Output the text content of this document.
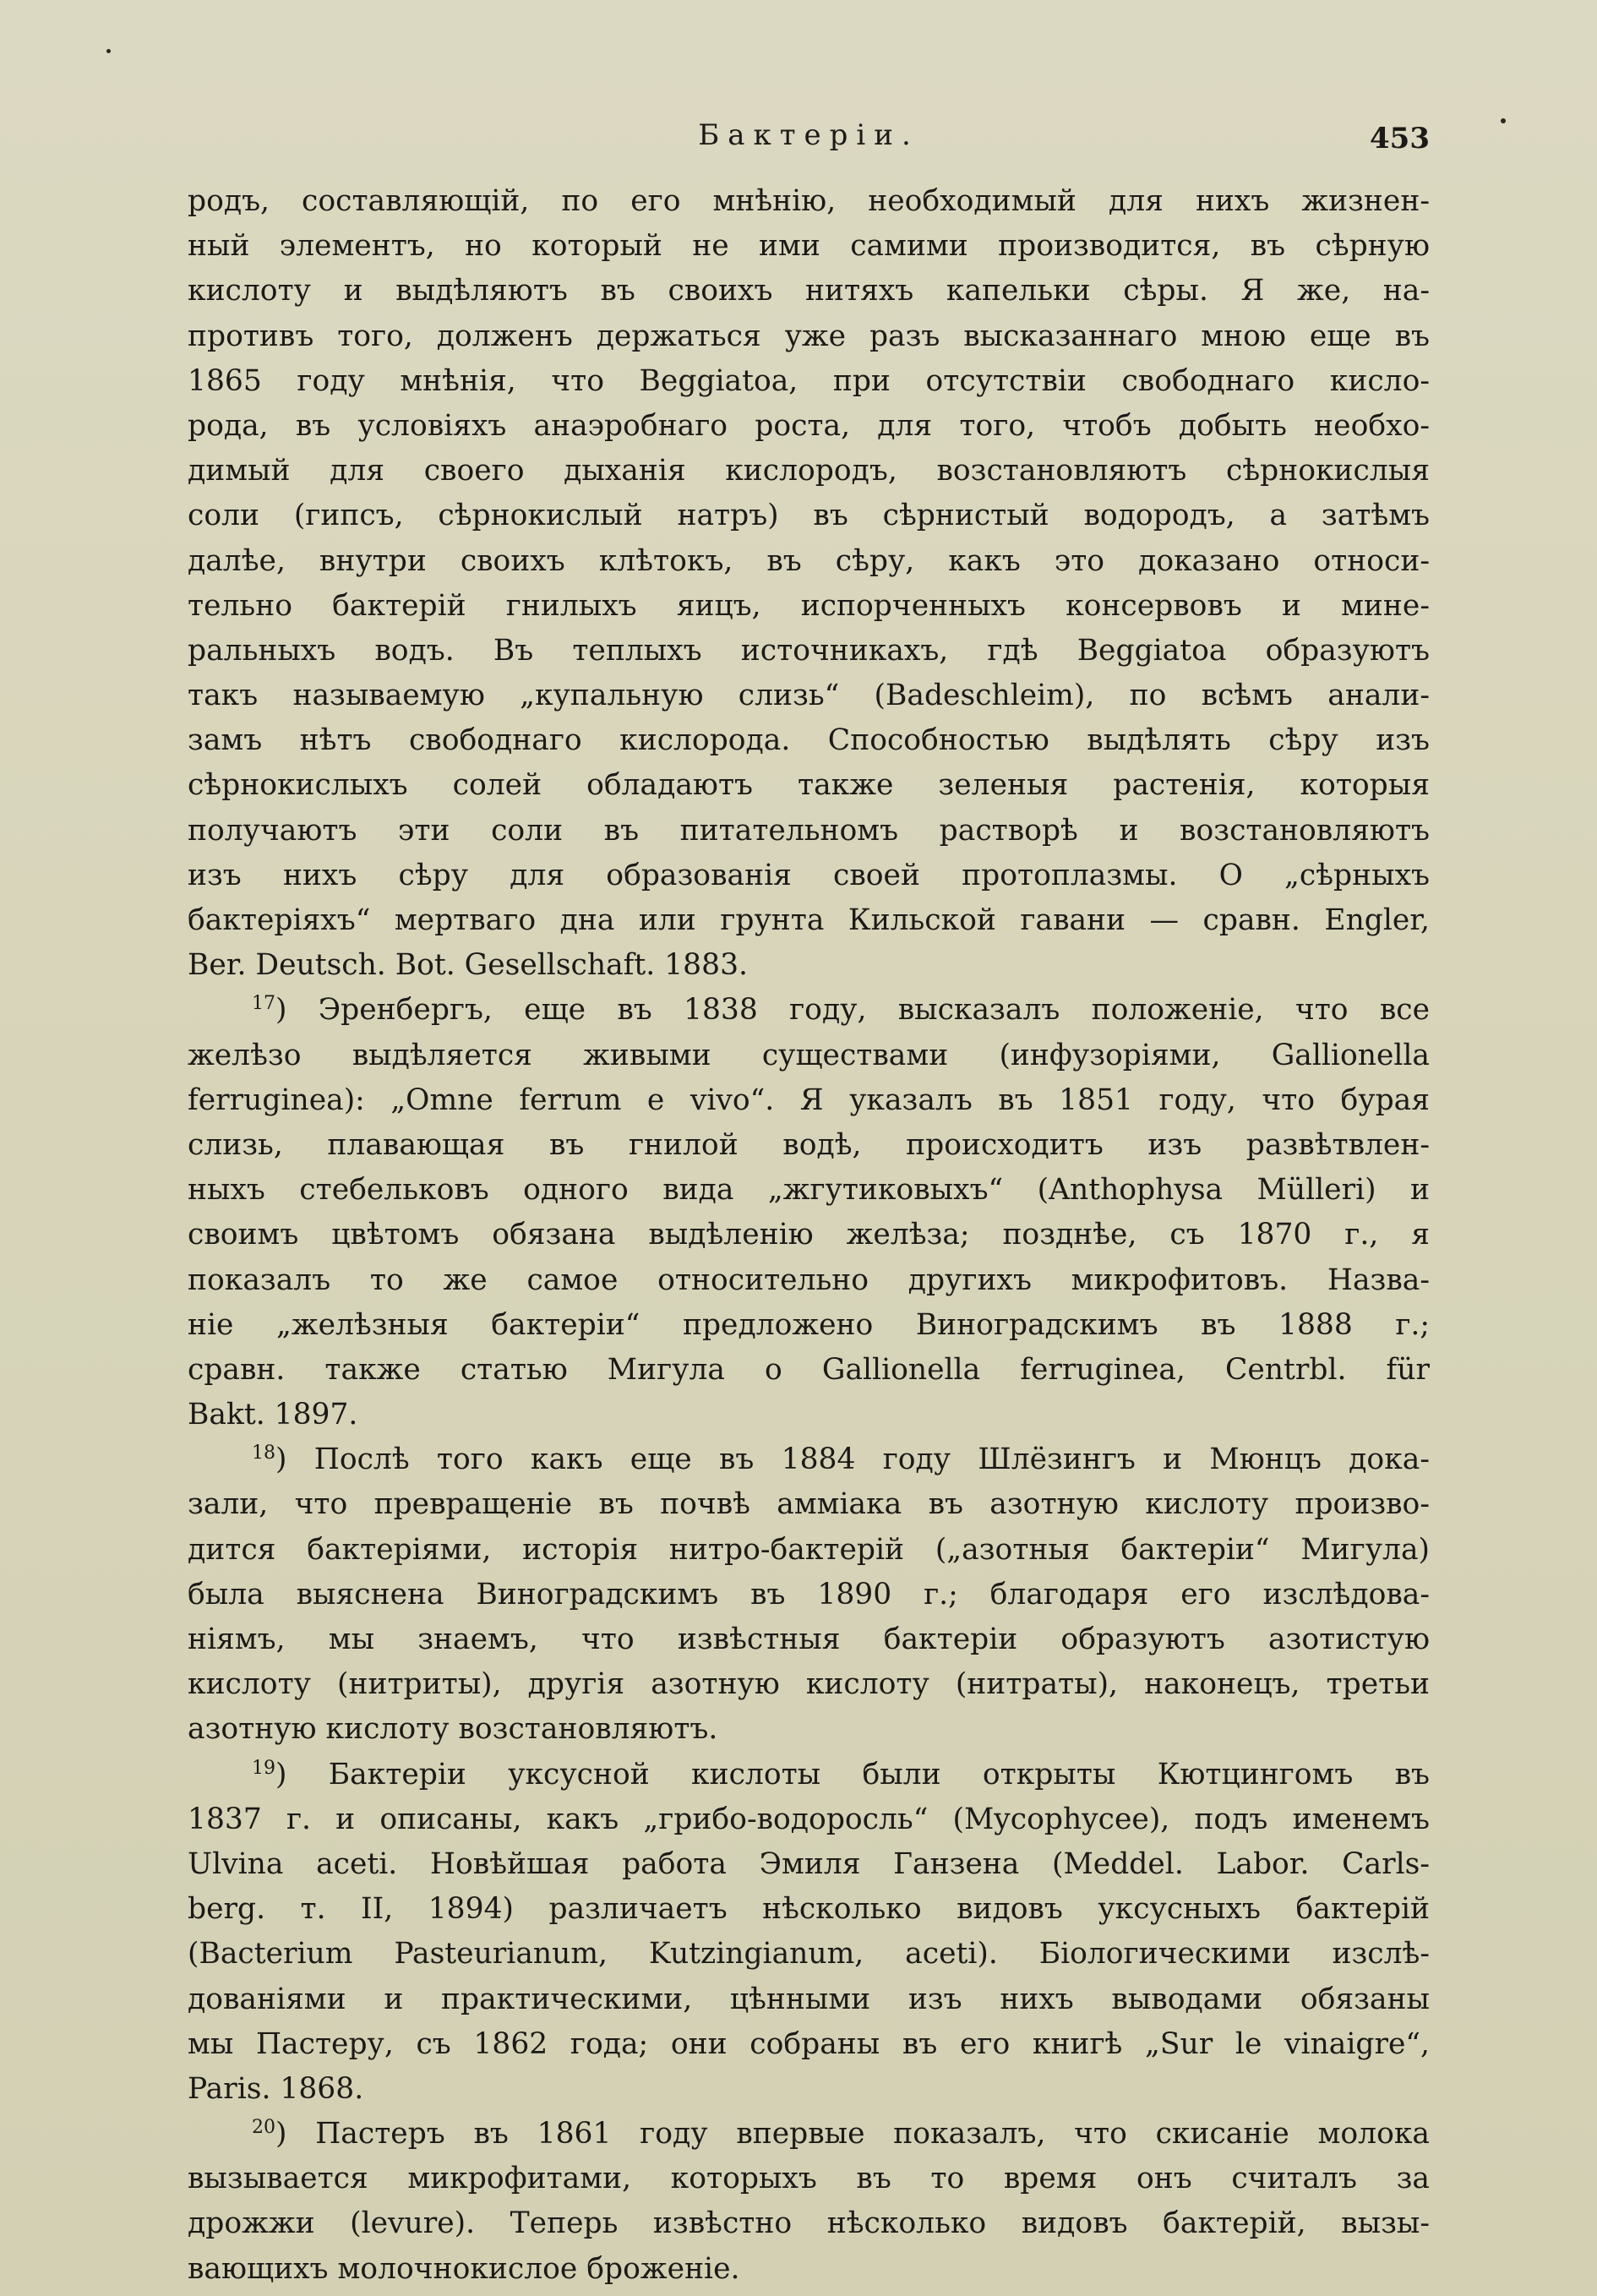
Бактеріи.	453
родъ, составляющій, по его мнѣнію, необходимый для нихъ жизнен-
ный элементъ, но который не ими самими производится, въ сѣрную
кислоту и выдѣляютъ въ своихъ нитяхъ капельки сѣры. Я же, на-
противъ того, долженъ держаться уже разъ высказаннаго мною еще въ
1865 году мнѣнія, что Beggiatoa, при отсутствіи свободнаго кисло-
рода, въ условіяхъ анаэробнаго роста, для того, чтобъ добыть необхо-
димый для своего дыханія кислородъ, возстановляютъ сѣрнокислыя
соли (гипсъ, сѣрнокислый натръ) въ сѣрнистый водородъ, а затѣмъ
далѣе, внутри своихъ клѣтокъ, въ сѣру, какъ это доказано относи-
тельно бактерій гнилыхъ яицъ, испорченныхъ консервовъ и мине-
ральныхъ водъ. Въ теплыхъ источникахъ, гдѣ Beggiatoa образуютъ
такъ называемую „купальную слизь“ (Badeschleim), по всѣмъ анали-
замъ нѣтъ свободнаго кислорода. Способностью выдѣлять сѣру изъ
сѣрнокислыхъ солей обладаютъ также зеленыя растенія, которыя
получаютъ эти соли въ питательномъ растворѣ и возстановляютъ
изъ нихъ сѣру для образованія своей протоплазмы. О „сѣрныхъ
бактеріяхъ“ мертваго дна или грунта Кильской гавани — сравн. Engler,
Ber. Deutsch. Bot. Gesellschaft. 1883.
$^{17}$) Эренбергъ, еще въ 1838 году, высказалъ положеніе, что все
желѣзо выдѣляется живыми существами (инфузоріями, Gallionella
ferruginea): „Omne ferrum e vivo“. Я указалъ въ 1851 году, что бурая
слизь, плавающая въ гнилой водѣ, происходитъ изъ развѣтвлен-
ныхъ стебельковъ одного вида „жгутиковыхъ“ (Anthophysa Mülleri) и
своимъ цвѣтомъ обязана выдѣленію желѣза; позднѣе, съ 1870 г., я
показалъ то же самое относительно другихъ микрофитовъ. Назва-
ніе „желѣзныя бактеріи“ предложено Виноградскимъ въ 1888 г.;
сравн. также статью Мигула о Gallionella ferruginea, Centrbl. für
Bakt. 1897.
$^{18}$) Послѣ того какъ еще въ 1884 году Шлёзингъ и Мюнцъ дока-
зали, что превращеніе въ почвѣ амміака въ азотную кислоту произво-
дится бактеріями, исторія нитро-бактерій („азотныя бактеріи“ Мигула)
была выяснена Виноградскимъ въ 1890 г.; благодаря его изслѣдова-
ніямъ, мы знаемъ, что извѣстныя бактеріи образуютъ азотистую
кислоту (нитриты), другія азотную кислоту (нитраты), наконецъ, третьи
азотную кислоту возстановляютъ.
$^{19}$) Бактеріи уксусной кислоты были открыты Кютцингомъ въ
1837 г. и описаны, какъ „грибо-водоросль“ (Mycophyceе), подъ именемъ
Ulvina aceti. Новѣйшая работа Эмиля Ганзена (Meddel. Labor. Carls-
berg. т. II, 1894) различаетъ нѣсколько видовъ уксусныхъ бактерій
(Bacterium Pasteurianum, Kutzingianum, aceti). Біологическими изслѣ-
дованіями и практическими, цѣнными изъ нихъ выводами обязаны
мы Пастеру, съ 1862 года; они собраны въ его книгѣ „Sur le vinaigre“,
Paris. 1868.
$^{20}$) Пастеръ въ 1861 году впервые показалъ, что скисаніе молока
вызывается микрофитами, которыхъ въ то время онъ считалъ за
дрожжи (levure). Теперь извѣстно нѣсколько видовъ бактерій, вызы-
вающихъ молочнокислое броженіе.
